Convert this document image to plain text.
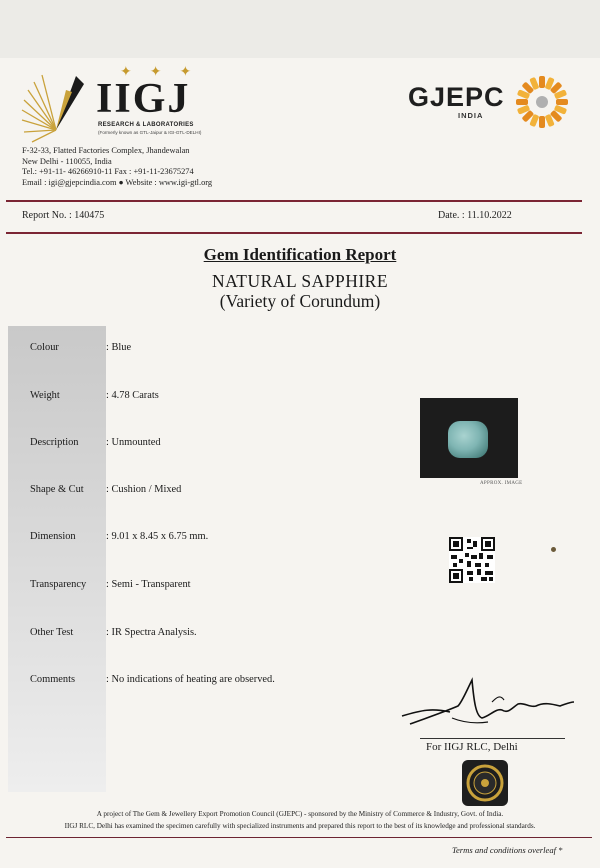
✦✦✦
IIGJ
RESEARCH & LABORATORIES
(Formerly known as GTL-Jaipur & IGI-GTL-DELHI)
GJEPC
INDIA
F-32-33, Flatted Factories Complex, Jhandewalan
New Delhi - 110055, India
Tel.: +91-11- 46266910-11 Fax : +91-11-23675274
Email : igi@gjepcindia.com ● Website : www.igi-gtl.org
Report No. : 140475	Date. : 11.10.2022
Gem Identification Report
NATURAL SAPPHIRE
(Variety of Corundum)
Colour	: Blue
Weight	: 4.78 Carats
Description	: Unmounted
Shape & Cut	: Cushion / Mixed
Dimension	: 9.01 x 8.45 x 6.75 mm.
Transparency	: Semi - Transparent
Other Test	: IR Spectra Analysis.
Comments	: No indications of heating are observed.
APPROX. IMAGE
For IIGJ RLC, Delhi
A project of The Gem & Jewellery Export Promotion Council (GJEPC) - sponsored by the Ministry of Commerce & Industry, Govt. of India.
IIGJ RLC, Delhi has examined the specimen carefully with specialized instruments and prepared this report to the best of its knowledge and professional standards.
Terms and conditions overleaf *
